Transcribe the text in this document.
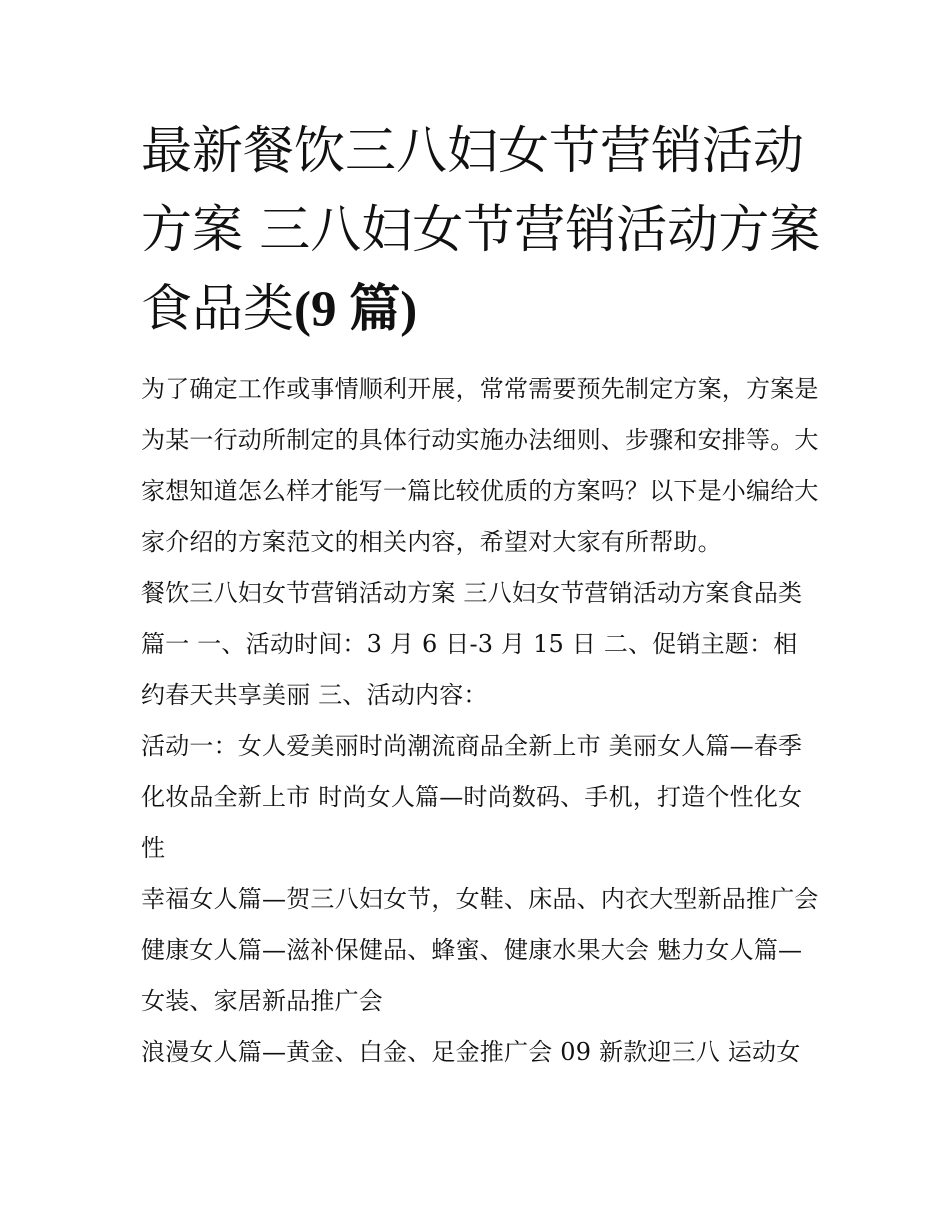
最新餐饮三八妇女节营销活动
方案 三八妇女节营销活动方案
食品类(9 篇)

为了确定工作或事情顺利开展，常常需要预先制定方案，方案是为某一行动所制定的具体行动实施办法细则、步骤和安排等。大家想知道怎么样才能写一篇比较优质的方案吗？以下是小编给大家介绍的方案范文的相关内容，希望对大家有所帮助。

餐饮三八妇女节营销活动方案 三八妇女节营销活动方案食品类篇一 一、活动时间：3 月 6 日-3 月 15 日 二、促销主题：相约春天共享美丽 三、活动内容：

活动一：女人爱美丽时尚潮流商品全新上市 美丽女人篇—春季化妆品全新上市 时尚女人篇—时尚数码、手机，打造个性化女性

幸福女人篇—贺三八妇女节，女鞋、床品、内衣大型新品推广会 健康女人篇—滋补保健品、蜂蜜、健康水果大会 魅力女人篇—女装、家居新品推广会

浪漫女人篇—黄金、白金、足金推广会 09 新款迎三八 运动女
